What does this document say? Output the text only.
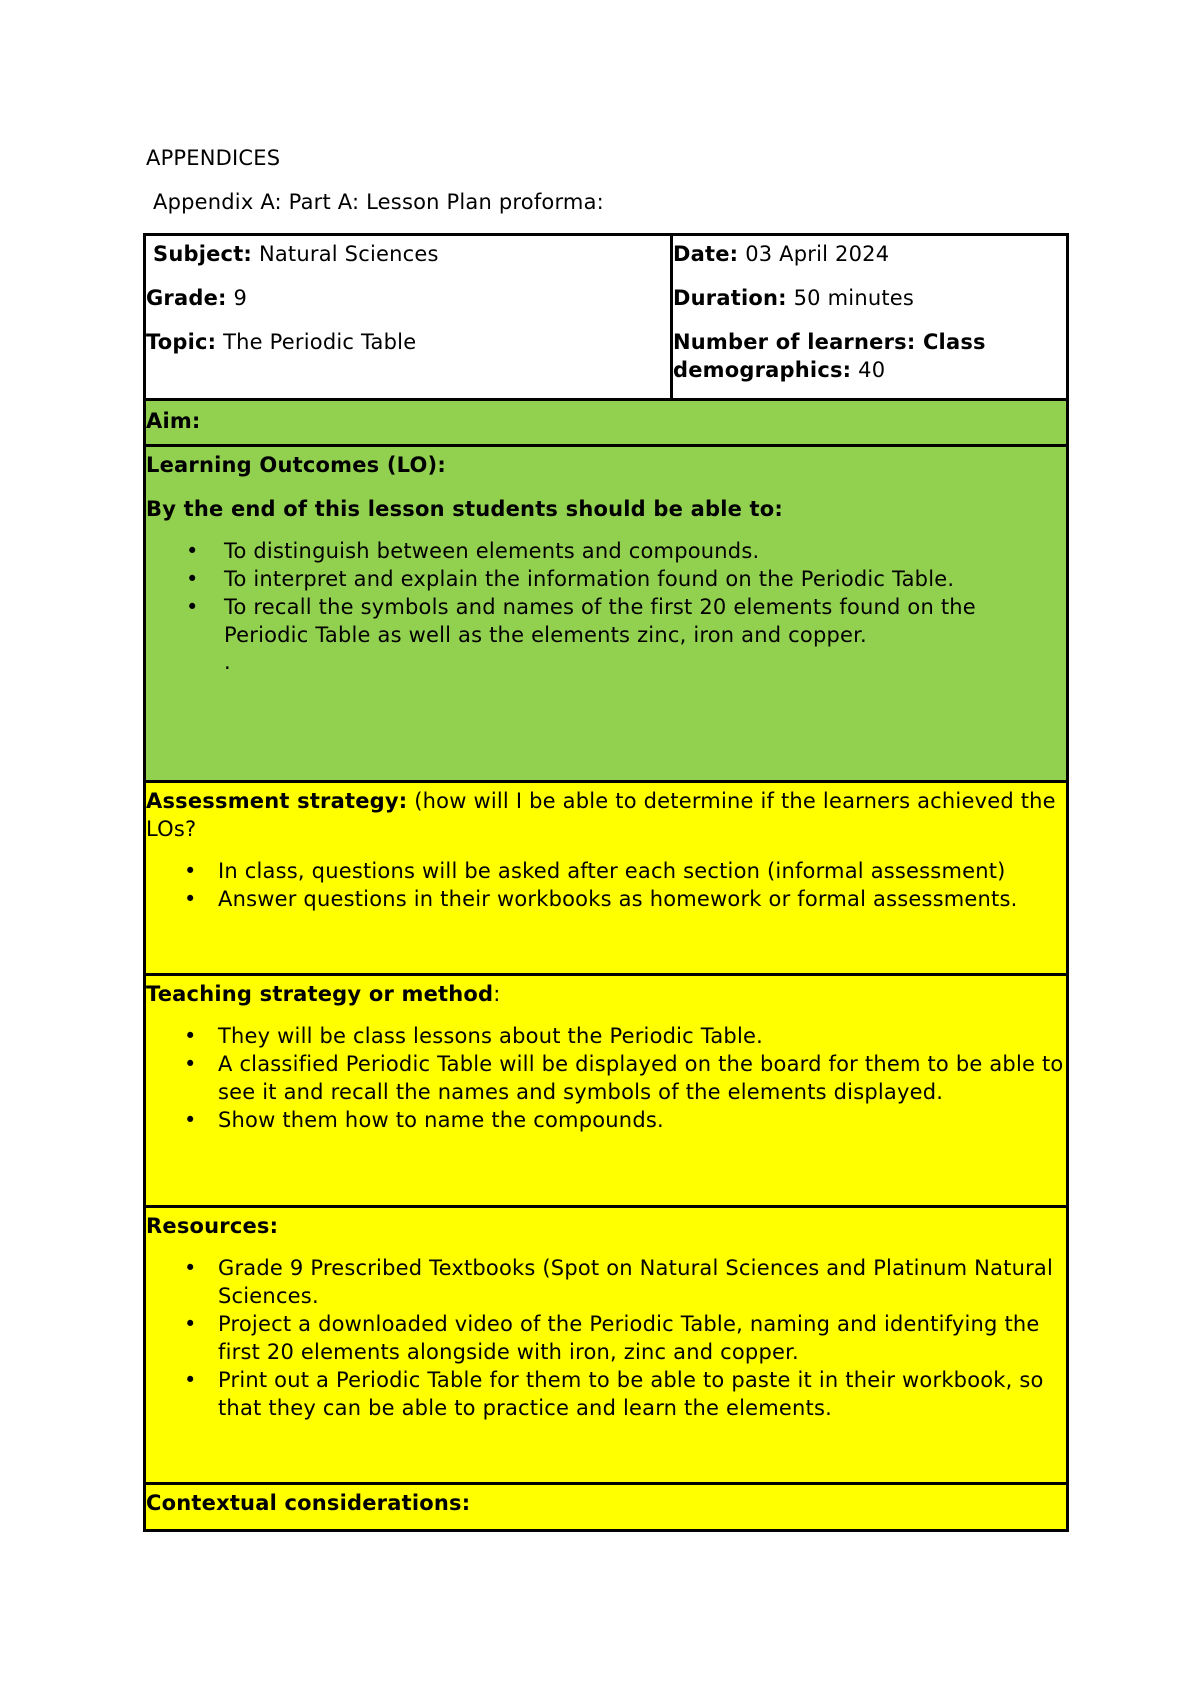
APPENDICES
Appendix A: Part A: Lesson Plan proforma:
Subject: Natural Sciences
Grade: 9
Topic: The Periodic Table
Date: 03 April 2024
Duration: 50 minutes
Number of learners: Class
demographics: 40
Aim:
Learning Outcomes (LO):
By the end of this lesson students should be able to:
• To distinguish between elements and compounds.
• To interpret and explain the information found on the Periodic Table.
• To recall the symbols and names of the first 20 elements found on the Periodic Table as well as the elements zinc, iron and copper.
.
Assessment strategy: (how will I be able to determine if the learners achieved the LOs?
• In class, questions will be asked after each section (informal assessment)
• Answer questions in their workbooks as homework or formal assessments.
Teaching strategy or method:
• They will be class lessons about the Periodic Table.
• A classified Periodic Table will be displayed on the board for them to be able to see it and recall the names and symbols of the elements displayed.
• Show them how to name the compounds.
Resources:
• Grade 9 Prescribed Textbooks (Spot on Natural Sciences and Platinum Natural Sciences.
• Project a downloaded video of the Periodic Table, naming and identifying the first 20 elements alongside with iron, zinc and copper.
• Print out a Periodic Table for them to be able to paste it in their workbook, so that they can be able to practice and learn the elements.
Contextual considerations:
